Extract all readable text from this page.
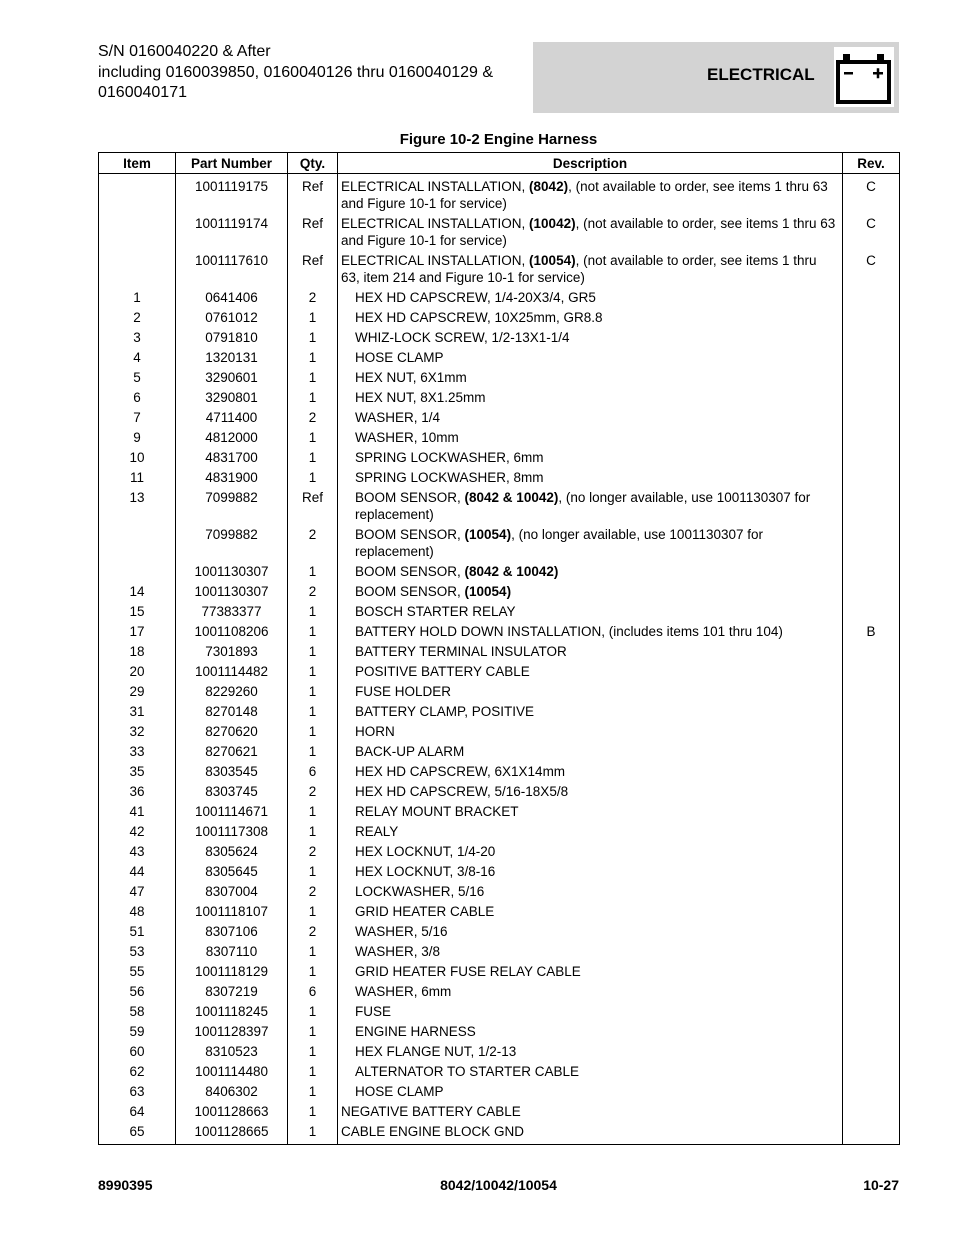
S/N 0160040220 & After
including 0160039850, 0160040126 thru 0160040129 &
0160040171
ELECTRICAL
Figure 10-2 Engine Harness
Item	Part Number	Qty.	Description	Rev.
	1001119175	Ref	ELECTRICAL INSTALLATION, (8042), (not available to order, see items 1 thru 63 and Figure 10-1 for service)	C
	1001119174	Ref	ELECTRICAL INSTALLATION, (10042), (not available to order, see items 1 thru 63 and Figure 10-1 for service)	C
	1001117610	Ref	ELECTRICAL INSTALLATION, (10054), (not available to order, see items 1 thru 63, item 214 and Figure 10-1 for service)	C
1	0641406	2	HEX HD CAPSCREW, 1/4-20X3/4, GR5	
2	0761012	1	HEX HD CAPSCREW, 10X25mm, GR8.8	
3	0791810	1	WHIZ-LOCK SCREW, 1/2-13X1-1/4	
4	1320131	1	HOSE CLAMP	
5	3290601	1	HEX NUT, 6X1mm	
6	3290801	1	HEX NUT, 8X1.25mm	
7	4711400	2	WASHER, 1/4	
9	4812000	1	WASHER, 10mm	
10	4831700	1	SPRING LOCKWASHER, 6mm	
11	4831900	1	SPRING LOCKWASHER, 8mm	
13	7099882	Ref	BOOM SENSOR, (8042 & 10042), (no longer available, use 1001130307 for replacement)	
	7099882	2	BOOM SENSOR, (10054), (no longer available, use 1001130307 for replacement)	
	1001130307	1	BOOM SENSOR, (8042 & 10042)	
14	1001130307	2	BOOM SENSOR, (10054)	
15	77383377	1	BOSCH STARTER RELAY	
17	1001108206	1	BATTERY HOLD DOWN INSTALLATION, (includes items 101 thru 104)	B
18	7301893	1	BATTERY TERMINAL INSULATOR	
20	1001114482	1	POSITIVE BATTERY CABLE	
29	8229260	1	FUSE HOLDER	
31	8270148	1	BATTERY CLAMP, POSITIVE	
32	8270620	1	HORN	
33	8270621	1	BACK-UP ALARM	
35	8303545	6	HEX HD CAPSCREW, 6X1X14mm	
36	8303745	2	HEX HD CAPSCREW, 5/16-18X5/8	
41	1001114671	1	RELAY MOUNT BRACKET	
42	1001117308	1	REALY	
43	8305624	2	HEX LOCKNUT, 1/4-20	
44	8305645	1	HEX LOCKNUT, 3/8-16	
47	8307004	2	LOCKWASHER, 5/16	
48	1001118107	1	GRID HEATER CABLE	
51	8307106	2	WASHER, 5/16	
53	8307110	1	WASHER, 3/8	
55	1001118129	1	GRID HEATER FUSE RELAY CABLE	
56	8307219	6	WASHER, 6mm	
58	1001118245	1	FUSE	
59	1001128397	1	ENGINE HARNESS	
60	8310523	1	HEX FLANGE NUT, 1/2-13	
62	1001114480	1	ALTERNATOR TO STARTER CABLE	
63	8406302	1	HOSE CLAMP	
64	1001128663	1	NEGATIVE BATTERY CABLE	
65	1001128665	1	CABLE ENGINE BLOCK GND	
8990395	8042/10042/10054	10-27
